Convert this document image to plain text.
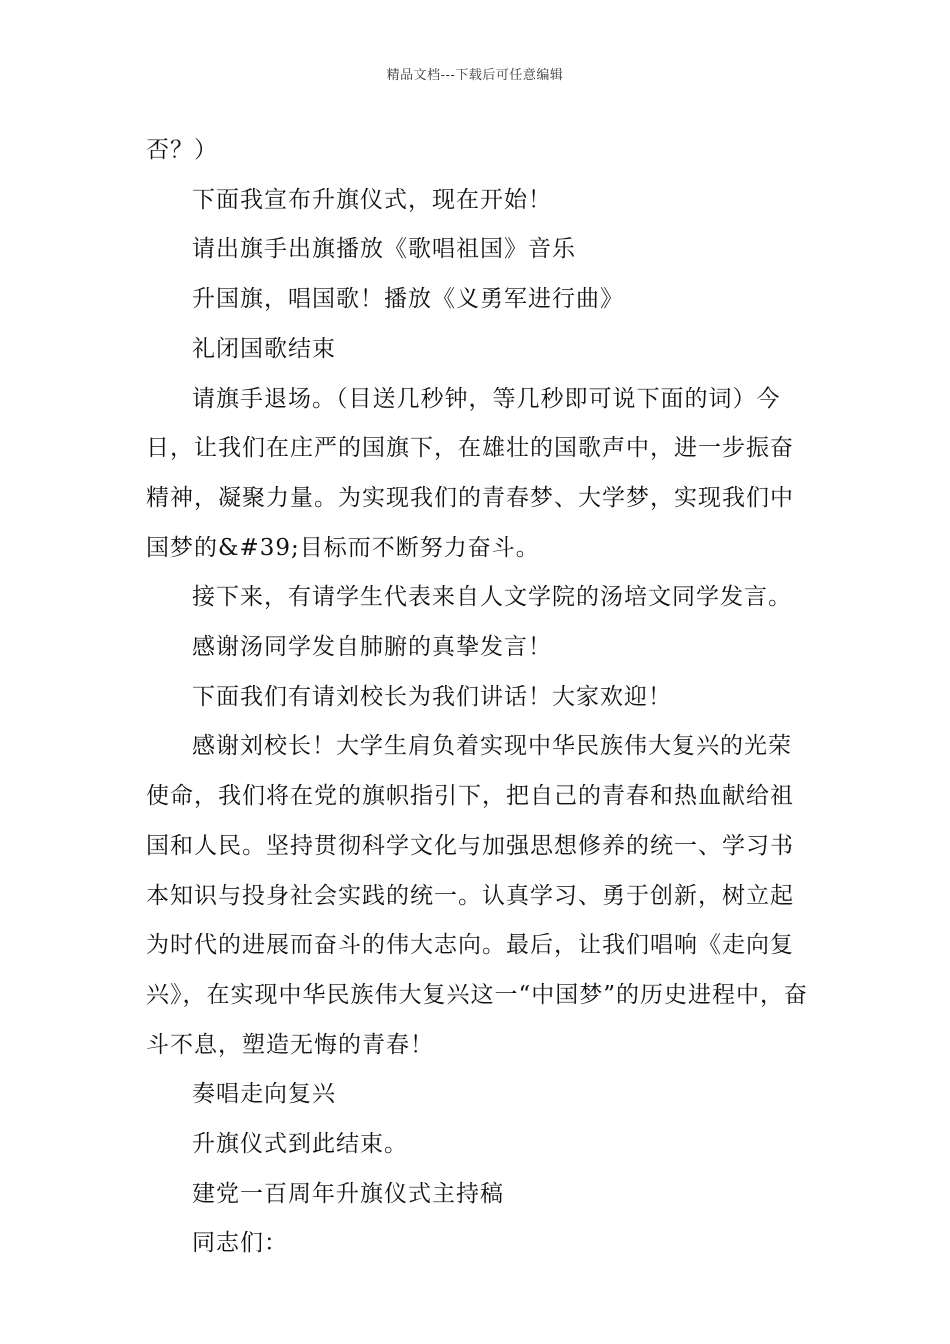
精品文档---下载后可任意编辑

否？）

下面我宣布升旗仪式，现在开始！

请出旗手出旗播放《歌唱祖国》音乐

升国旗，唱国歌！播放《义勇军进行曲》

礼闭国歌结束

请旗手退场。（目送几秒钟，等几秒即可说下面的词）今日，让我们在庄严的国旗下，在雄壮的国歌声中，进一步振奋精神，凝聚力量。为实现我们的青春梦、大学梦，实现我们中国梦的&#39;目标而不断努力奋斗。

接下来，有请学生代表来自人文学院的汤培文同学发言。

感谢汤同学发自肺腑的真挚发言！

下面我们有请刘校长为我们讲话！大家欢迎！

感谢刘校长！大学生肩负着实现中华民族伟大复兴的光荣使命，我们将在党的旗帜指引下，把自己的青春和热血献给祖国和人民。坚持贯彻科学文化与加强思想修养的统一、学习书本知识与投身社会实践的统一。认真学习、勇于创新，树立起为时代的进展而奋斗的伟大志向。最后，让我们唱响《走向复兴》，在实现中华民族伟大复兴这一“中国梦”的历史进程中，奋斗不息，塑造无悔的青春！

奏唱走向复兴

升旗仪式到此结束。

建党一百周年升旗仪式主持稿

同志们：
